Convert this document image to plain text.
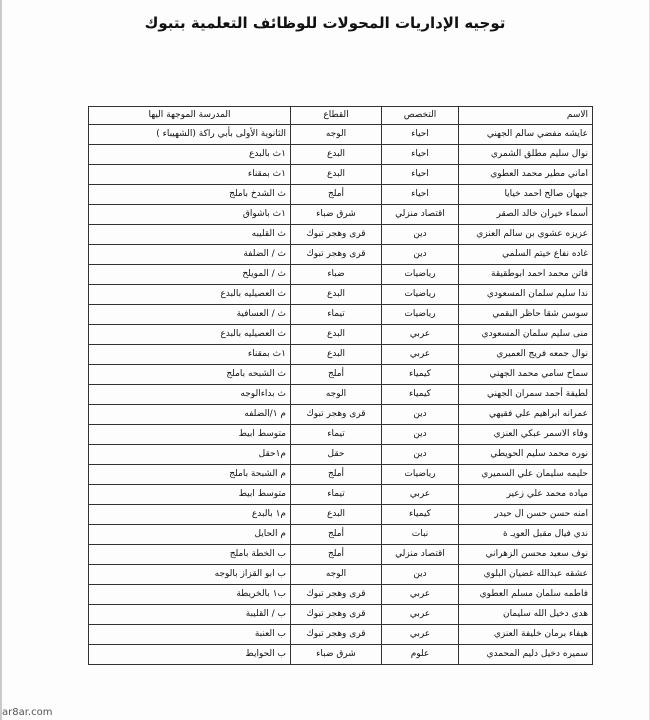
توجيه الإداريات المحولات للوظائف التعلمية بتبوك
الاسم	التخصص	القطاع	المدرسة الموجهة اليها
عايشه مفضي سالم الجهني	احياء	الوجه	الثانوية الأولى بأبي راكة (الشهيباء )
نوال سليم مطلق الشمري	احياء	البدع	١ث بالبدع
اماني مطير محمد العطوي	احياء	البدع	١ث بمقناء
جيهان صالح احمد خيايا	احياء	أملج	ث الشدخ باملج
أسماء خيران خالد الصقر	اقتصاد منزلي	شرق ضباء	١ث باشواق
عزيزه عشوي بن سالم العنزي	دين	قرى وهجر تبوك	ث القليبه
غاده نفاع خيتم السلمي	دين	قرى وهجر تبوك	ث / الضلفة
فاتن محمد احمد ابوطقيقة	رياضيات	ضباء	ث / المويلح
ندا سليم سلمان المسعودي	رياضيات	البدع	ث العصيليه بالبدع
سوسن شقا حاظر البقمي	رياضيات	تيماء	ث / العسافية
منى سليم سلمان المسعودي	عربي	البدع	ث العصيليه بالبدع
نوال جمعه فريج العميري	عربي	البدع	١ث بمقناء
سماح سامي محمد الجهني	كيمياء	أملج	ث الشبحه باملج
لطيفة أحمد سمران الجهني	كيمياء	الوجه	ث بداءالوجه
عمرانه ابراهيم علي فقيهي	دين	قرى وهجر تبوك	م ١/الضلفه
وفاء الاسمر عبكي العنزي	دين	تيماء	متوسط ابيط
نوره محمد سليم الحويطي	دين	حقل	م١حقل
حليمه سليمان علي السميري	رياضيات	أملج	م الشبحة باملج
مياده محمد علي زعير	عربي	تيماء	متوسط ابيط
امنه حسن حسن ال حيدر	كيمياء	البدع	م١ بالبدع
ندي فيال مقبل العويـ ة	نبات	أملج	م الحايل
نوف سعيد محسن الزهراني	اقتصاد منزلي	أملج	ب الخطة باملج
عشقه عبدالله غضيان البلوي	دين	الوجه	ب ابو القزاز بالوجه
فاطمه سلمان مسلم العطوي	عربي	قرى وهجر تبوك	ب١ بالخريطة
هدى دخيل الله سليمان	عربي	قرى وهجر تبوك	ب / القليبة
هيفاء برمان خليفة العنزي	عربي	قرى وهجر تبوك	ب العنبة
سميره دخيل دليم المحمدي	علوم	شرق ضباء	ب الحوايط
ar8ar.com
